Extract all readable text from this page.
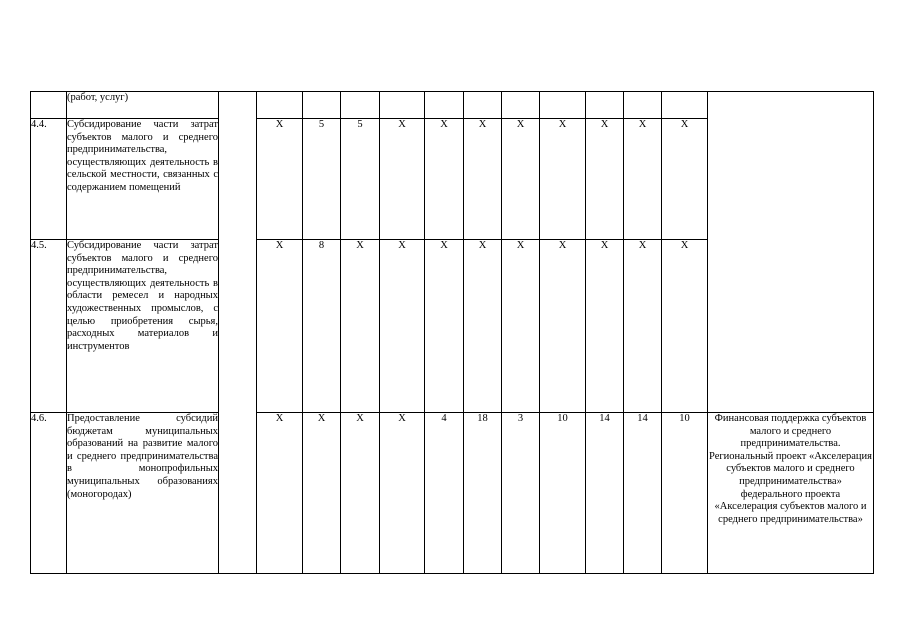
	(работ, услуг)													
4.4.	Субсидирование части затрат субъектов малого и среднего предпринимательства, осуществляющих деятельность в сельской местности, связанных с содержанием помещений		X	5	5	X	X	X	X	X	X	X	X	
4.5.	Субсидирование части затрат субъектов малого и среднего предпринимательства, осуществляющих деятельность в области ремесел и народных художественных промыслов, с целью приобретения сырья, расходных материалов и инструментов		X	8	X	X	X	X	X	X	X	X	X	
4.6.	Предоставление субсидий бюджетам муниципальных образований на развитие малого и среднего предпринимательства в монопрофильных муниципальных образованиях (моногородах)		X	X	X	X	4	18	3	10	14	14	10	Финансовая поддержка субъектов малого и среднего предпринимательства.
Региональный проект «Акселерация субъектов малого и среднего предпринимательства» федерального проекта «Акселерация субъектов малого и среднего предпринимательства»
